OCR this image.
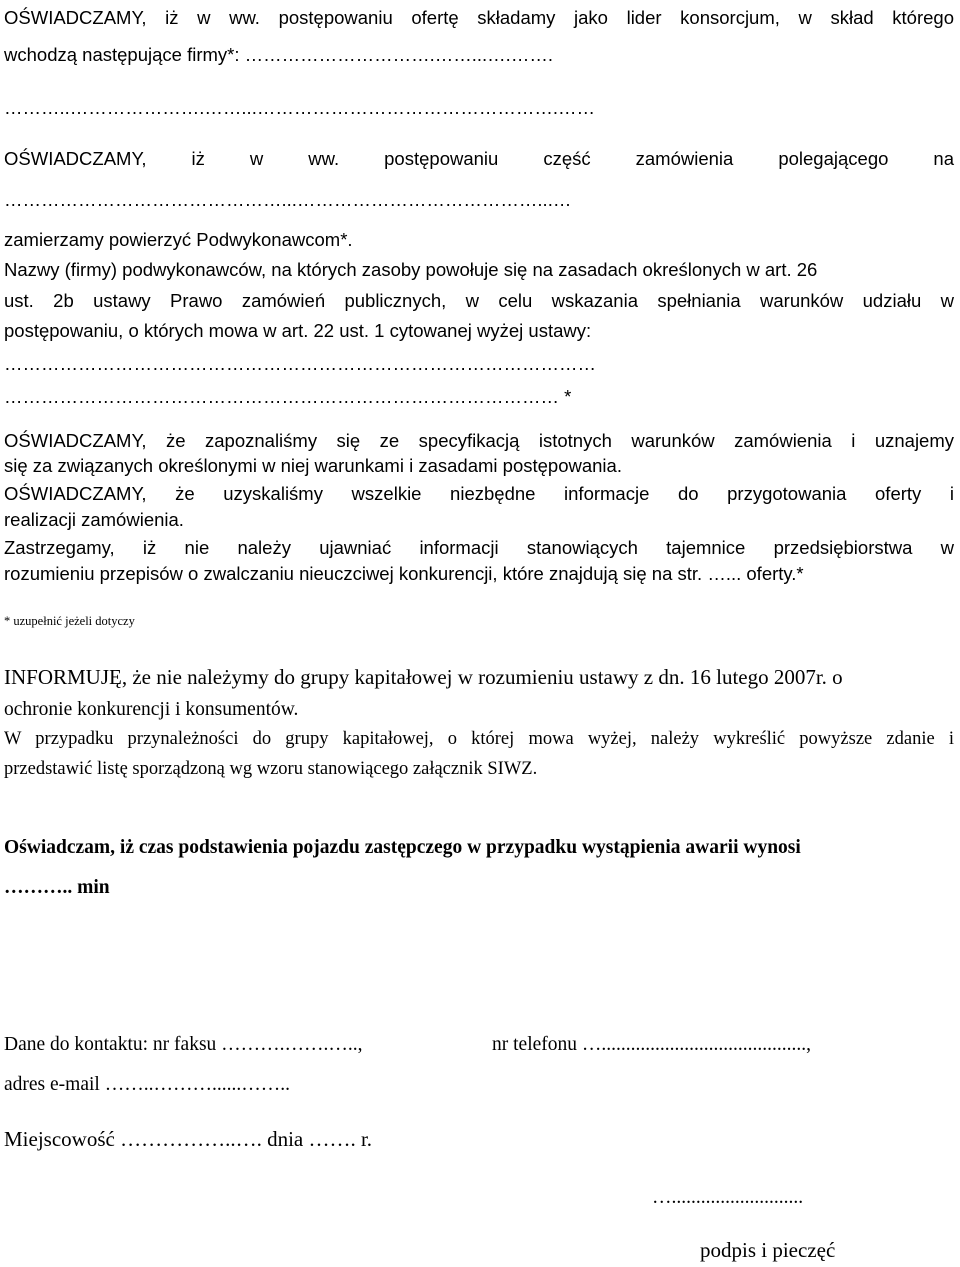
OŚWIADCZAMY, iż w ww. postępowaniu ofertę składamy jako lider konsorcjum, w skład którego
wchodzą następujące firmy*: ………………………….……...….…….
………..………………….……...………………………………………….……
OŚWIADCZAMY, iż w ww. postępowaniu część zamówienia polegającego na
………………………………………...…………………………………...…
zamierzamy powierzyć Podwykonawcom*.
Nazwy (firmy) podwykonawców, na których zasoby powołuje się na zasadach określonych w art. 26
ust. 2b ustawy Prawo zamówień publicznych, w celu wskazania spełniania warunków udziału w
postępowaniu, o których mowa w art. 22 ust. 1 cytowanej wyżej ustawy:
……………………………………………………………………………………
……………………………………………………………………………… *
OŚWIADCZAMY, że zapoznaliśmy się ze specyfikacją istotnych warunków zamówienia i uznajemy
się za związanych określonymi w niej warunkami i zasadami postępowania.
OŚWIADCZAMY, że uzyskaliśmy wszelkie niezbędne informacje do przygotowania oferty i
realizacji zamówienia.
Zastrzegamy, iż nie należy ujawniać informacji stanowiących tajemnice przedsiębiorstwa w
rozumieniu przepisów o zwalczaniu nieuczciwej konkurencji, które znajdują się na str. …... oferty.*
* uzupełnić jeżeli dotyczy
INFORMUJĘ, że nie należymy do grupy kapitałowej w rozumieniu ustawy z dn. 16 lutego 2007r. o
ochronie konkurencji i konsumentów.
W przypadku przynależności do grupy kapitałowej, o której mowa wyżej, należy wykreślić powyższe zdanie i
przedstawić listę sporządzoną wg wzoru stanowiącego załącznik SIWZ.
Oświadczam, iż czas podstawienia pojazdu zastępczego w przypadku wystąpienia awarii wynosi
……….. min
Dane do kontaktu: nr faksu ……….…….…..,	nr telefonu …..........................................,
adres e-mail ……..………......……..
Miejscowość ……………..…. dnia ……. r.
…...........................
podpis i pieczęć
